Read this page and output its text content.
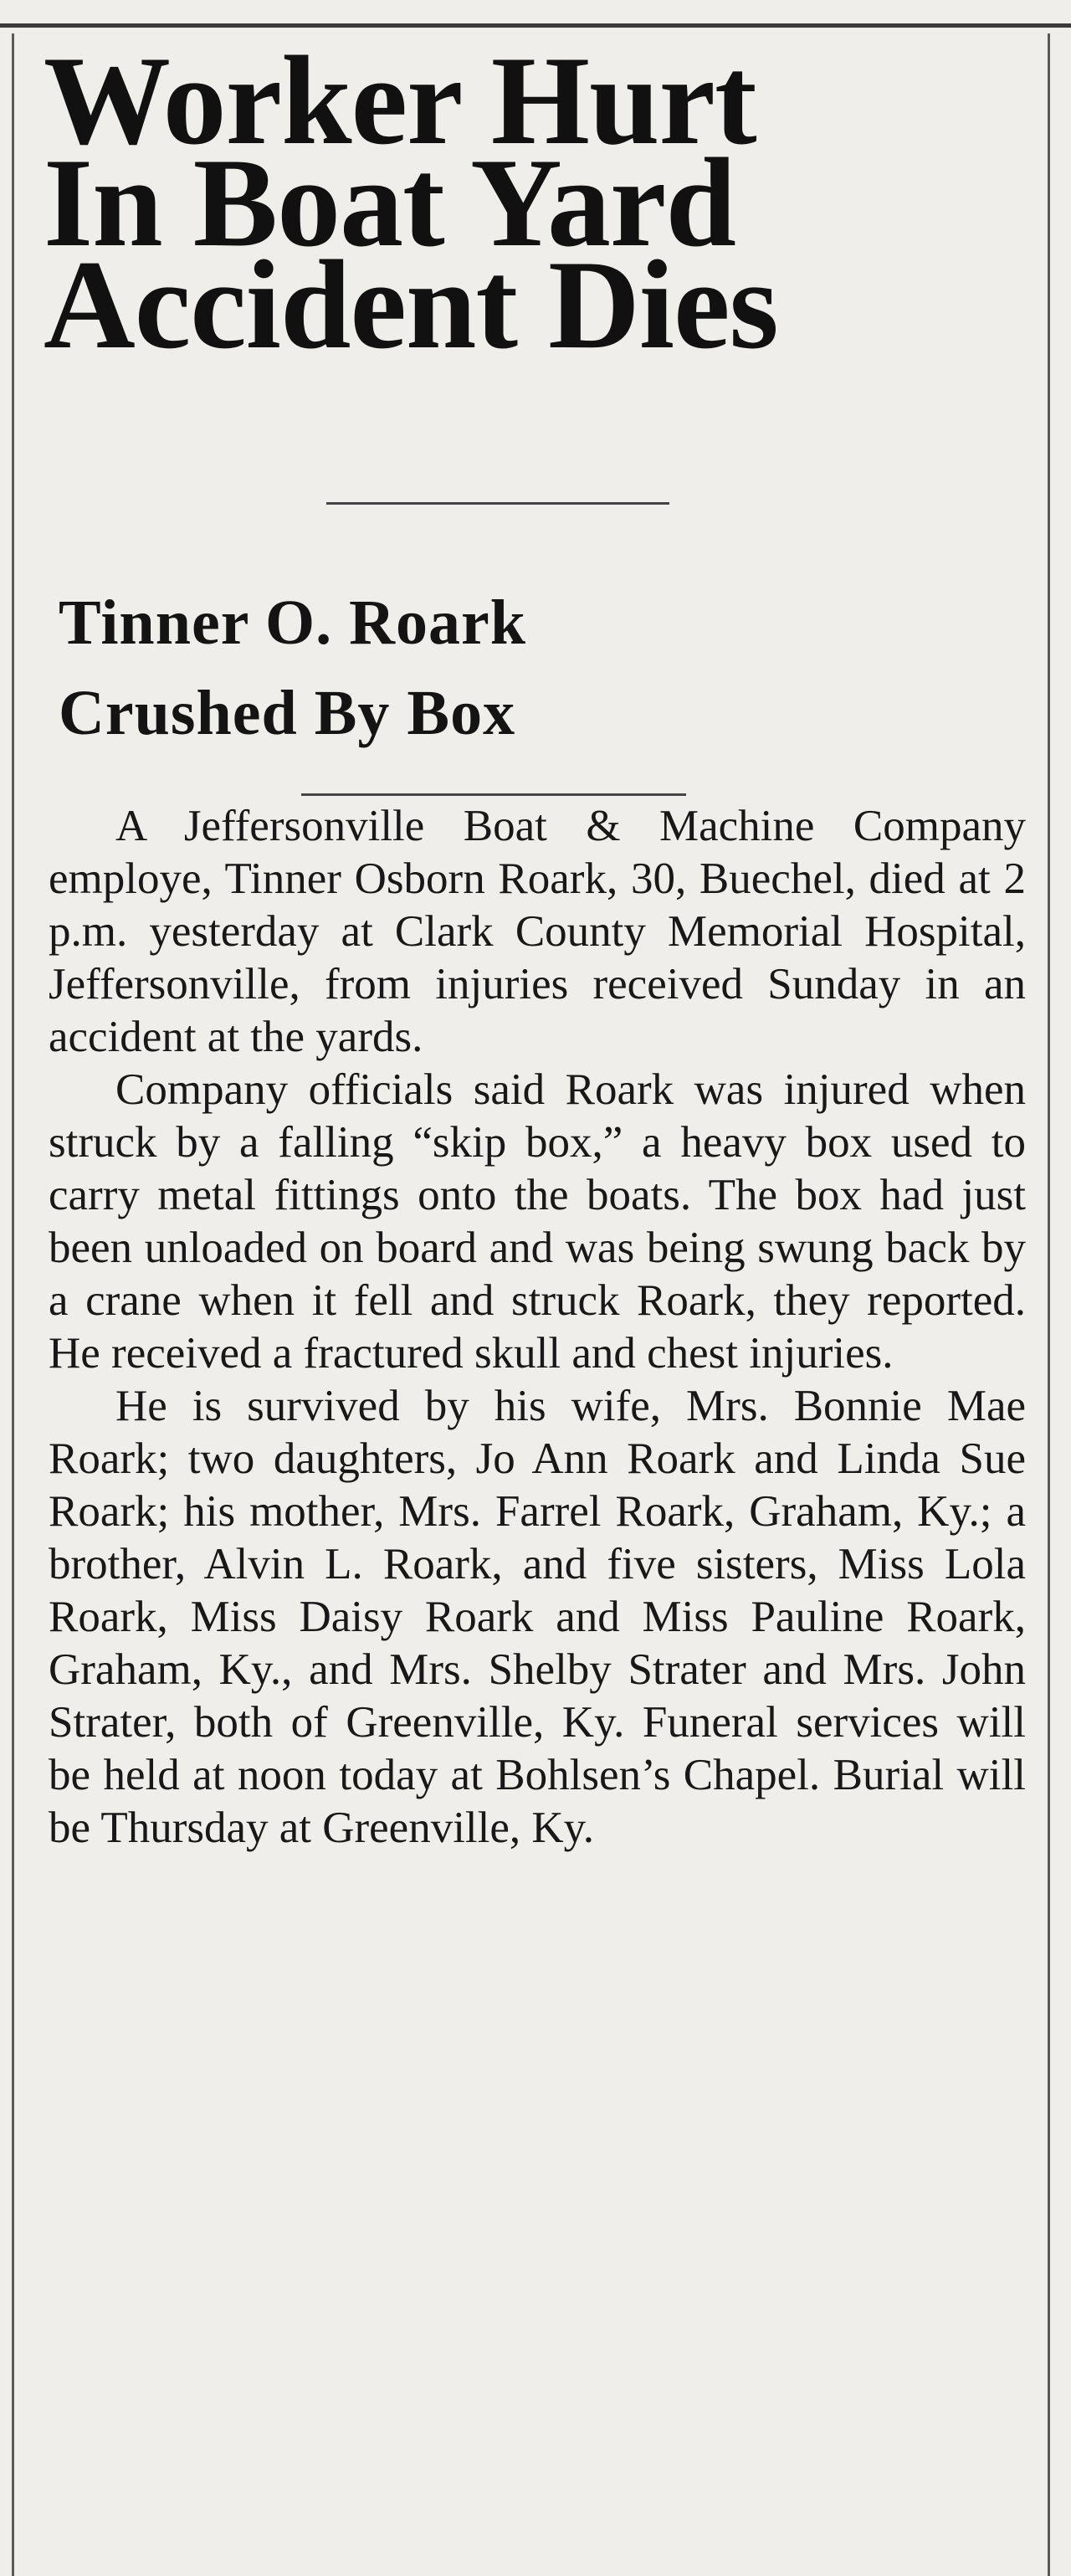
Worker Hurt
In Boat Yard
Accident Dies
Tinner O. Roark
Crushed By Box

A Jeffersonville Boat & Machine Company employe, Tinner Osborn Roark, 30, Buechel, died at 2 p.m. yesterday at Clark County Memorial Hospital, Jeffersonville, from injuries received Sunday in an accident at the yards.

Company officials said Roark was injured when struck by a falling “skip box,” a heavy box used to carry metal fittings onto the boats. The box had just been unloaded on board and was being swung back by a crane when it fell and struck Roark, they reported. He received a fractured skull and chest injuries.

He is survived by his wife, Mrs. Bonnie Mae Roark; two daughters, Jo Ann Roark and Linda Sue Roark; his mother, Mrs. Farrel Roark, Graham, Ky.; a brother, Alvin L. Roark, and five sisters, Miss Lola Roark, Miss Daisy Roark and Miss Pauline Roark, Graham, Ky., and Mrs. Shelby Strater and Mrs. John Strater, both of Greenville, Ky. Funeral services will be held at noon today at Bohlsen’s Chapel. Burial will be Thursday at Greenville, Ky.
